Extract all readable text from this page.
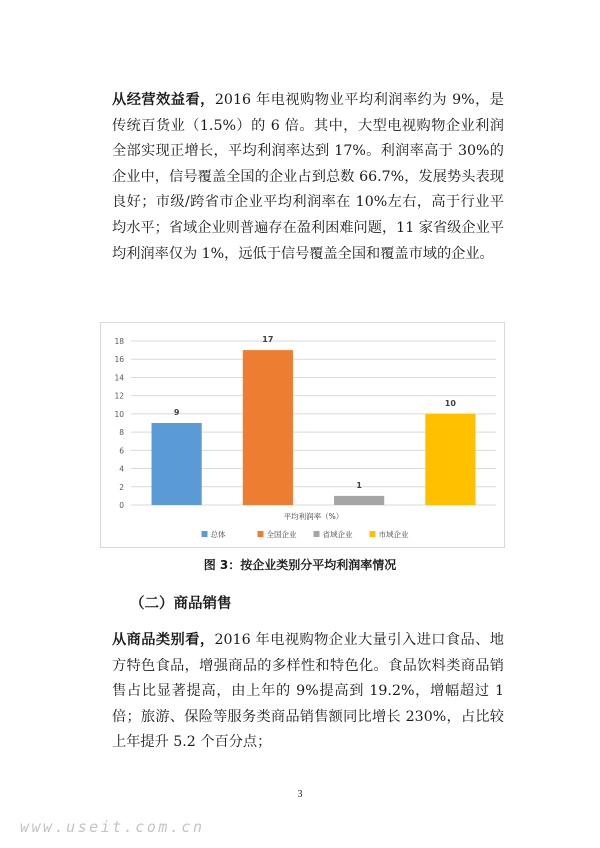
从经营效益看，2016 年电视购物业平均利润率约为 9%，是传统百货业（1.5%）的 6 倍。其中，大型电视购物企业利润全部实现正增长，平均利润率达到 17%。利润率高于 30%的企业中，信号覆盖全国的企业占到总数 66.7%，发展势头表现良好；市级/跨省市企业平均利润率在 10%左右，高于行业平均水平；省域企业则普遍存在盈利困难问题，11 家省级企业平均利润率仅为 1%，远低于信号覆盖全国和覆盖市域的企业。

0
2
4
6
8
10
12
14
16
18
9
17
1
10
平均利润率（%）
总体	全国企业	省域企业	市域企业
图 3：按企业类别分平均利润率情况
（二）商品销售

从商品类别看，2016 年电视购物企业大量引入进口食品、地方特色食品，增强商品的多样性和特色化。食品饮料类商品销售占比显著提高，由上年的 9%提高到 19.2%，增幅超过 1 倍；旅游、保险等服务类商品销售额同比增长 230%，占比较上年提升 5.2 个百分点；

3
www.useit.com.cn
